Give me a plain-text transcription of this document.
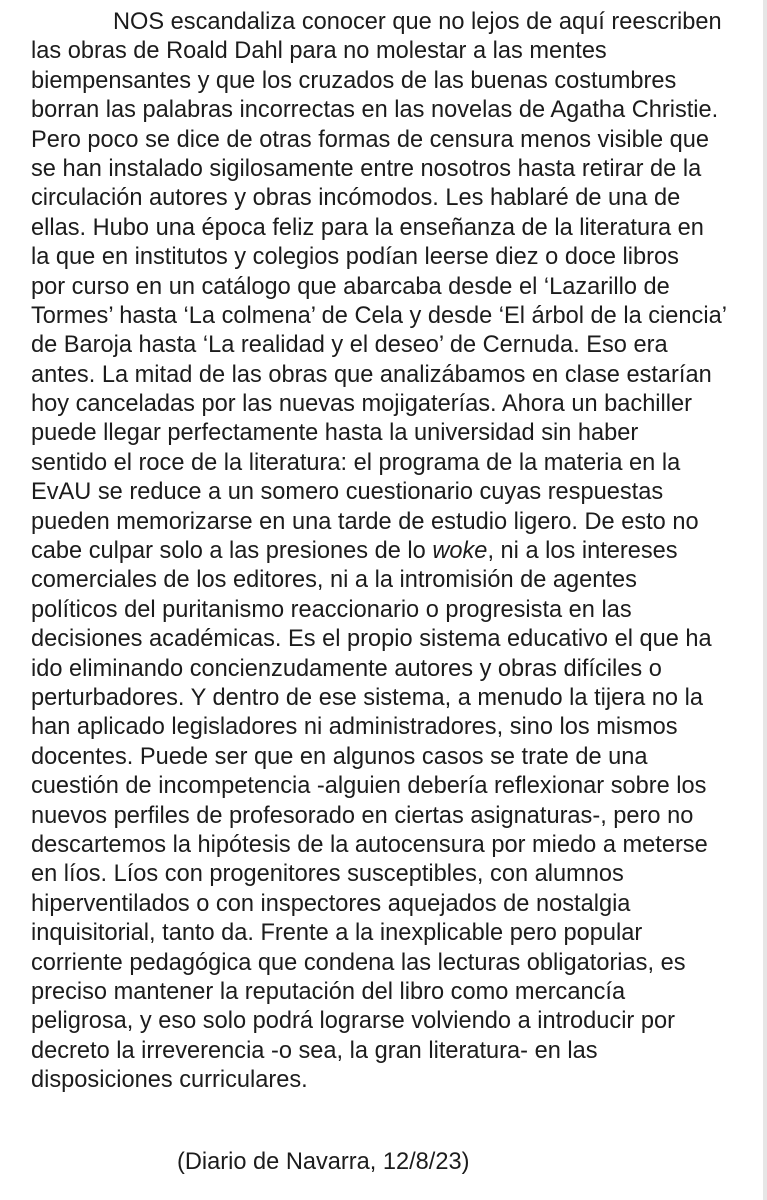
NOS escandaliza conocer que no lejos de aquí reescriben
las obras de Roald Dahl para no molestar a las mentes
biempensantes y que los cruzados de las buenas costumbres
borran las palabras incorrectas en las novelas de Agatha Christie.
Pero poco se dice de otras formas de censura menos visible que
se han instalado sigilosamente entre nosotros hasta retirar de la
circulación autores y obras incómodos. Les hablaré de una de
ellas. Hubo una época feliz para la enseñanza de la literatura en
la que en institutos y colegios podían leerse diez o doce libros
por curso en un catálogo que abarcaba desde el ‘Lazarillo de
Tormes’ hasta ‘La colmena’ de Cela y desde ‘El árbol de la ciencia’
de Baroja hasta ‘La realidad y el deseo’ de Cernuda. Eso era
antes. La mitad de las obras que analizábamos en clase estarían
hoy canceladas por las nuevas mojigaterías. Ahora un bachiller
puede llegar perfectamente hasta la universidad sin haber
sentido el roce de la literatura: el programa de la materia en la
EvAU se reduce a un somero cuestionario cuyas respuestas
pueden memorizarse en una tarde de estudio ligero. De esto no
cabe culpar solo a las presiones de lo woke, ni a los intereses
comerciales de los editores, ni a la intromisión de agentes
políticos del puritanismo reaccionario o progresista en las
decisiones académicas. Es el propio sistema educativo el que ha
ido eliminando concienzudamente autores y obras difíciles o
perturbadores. Y dentro de ese sistema, a menudo la tijera no la
han aplicado legisladores ni administradores, sino los mismos
docentes. Puede ser que en algunos casos se trate de una
cuestión de incompetencia -alguien debería reflexionar sobre los
nuevos perfiles de profesorado en ciertas asignaturas-, pero no
descartemos la hipótesis de la autocensura por miedo a meterse
en líos. Líos con progenitores susceptibles, con alumnos
hiperventilados o con inspectores aquejados de nostalgia
inquisitorial, tanto da. Frente a la inexplicable pero popular
corriente pedagógica que condena las lecturas obligatorias, es
preciso mantener la reputación del libro como mercancía
peligrosa, y eso solo podrá lograrse volviendo a introducir por
decreto la irreverencia -o sea, la gran literatura- en las
disposiciones curriculares.
(Diario de Navarra, 12/8/23)
